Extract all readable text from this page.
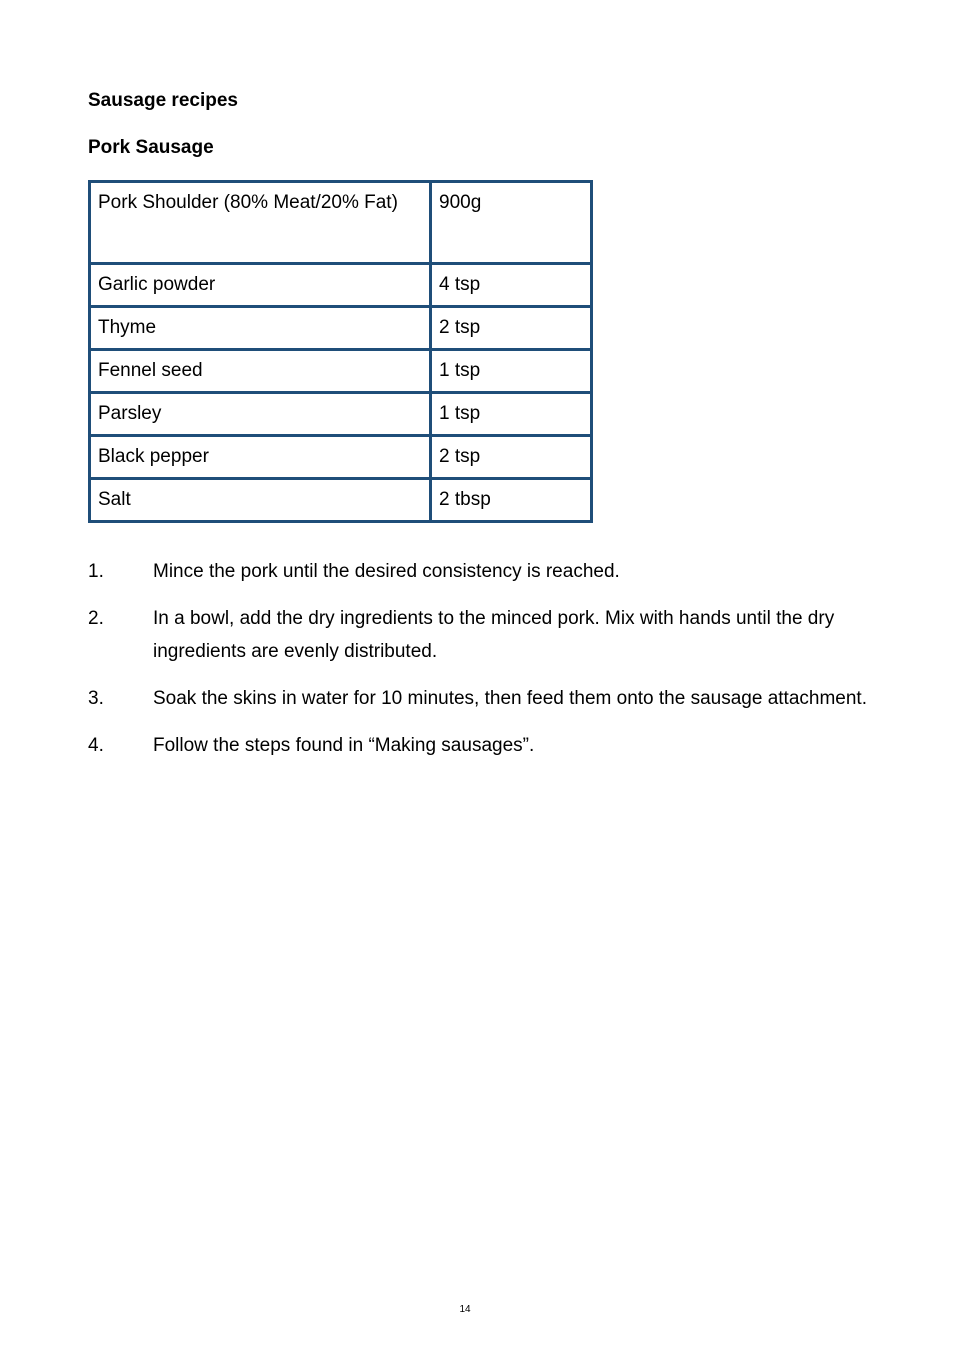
Sausage recipes
Pork Sausage
Pork Shoulder (80% Meat/20% Fat)	900g
Garlic powder	4 tsp
Thyme	2 tsp
Fennel seed	1 tsp
Parsley	1 tsp
Black pepper	2 tsp
Salt	2 tbsp
1.	Mince the pork until the desired consistency is reached.
2.	In a bowl, add the dry ingredients to the minced pork. Mix with hands until the dry ingredients are evenly distributed.
3.	Soak the skins in water for 10 minutes, then feed them onto the sausage attachment.
4.	Follow the steps found in “Making sausages”.
14
